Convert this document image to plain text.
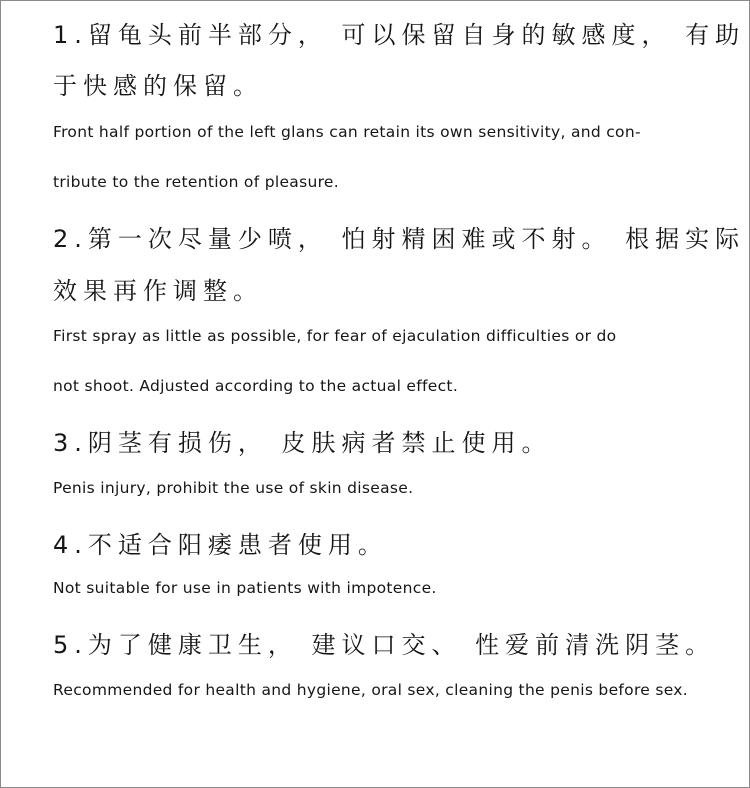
1.留龟头前半部分， 可以保留自身的敏感度， 有助
于快感的保留。
Front half portion of the left glans can retain its own sensitivity, and con-
tribute to the retention of pleasure.
2.第一次尽量少喷， 怕射精困难或不射。 根据实际
效果再作调整。
First spray as little as possible, for fear of ejaculation difficulties or do
not shoot. Adjusted according to the actual effect.
3.阴茎有损伤， 皮肤病者禁止使用。
Penis injury, prohibit the use of skin disease.
4.不适合阳痿患者使用。
Not suitable for use in patients with impotence.
5.为了健康卫生， 建议口交、 性爱前清洗阴茎。
Recommended for health and hygiene, oral sex, cleaning the penis before sex.
